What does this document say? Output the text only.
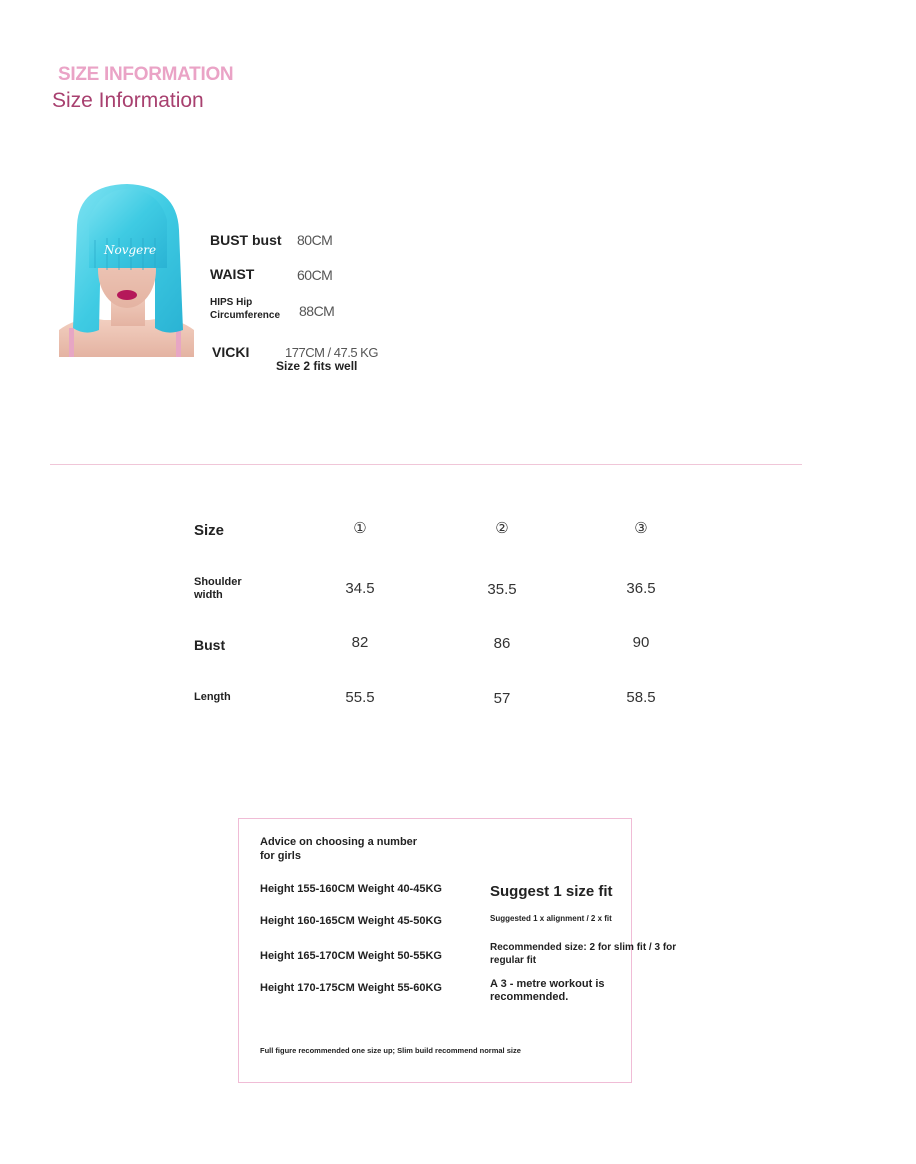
SIZE INFORMATION
Size Information
Novgere
BUST bust 80CM
WAIST	60CM
HIPS Hip Circumference	88CM
VICKI	177CM / 47.5 KG
Size 2 fits well
Size	①	②	③
Shoulder width	34.5	35.5	36.5
Bust	82	86	90
Length	55.5	57	58.5
Advice on choosing a number for girls
Height 155-160CM Weight 40-45KG
Height 160-165CM Weight 45-50KG
Height 165-170CM Weight 50-55KG
Height 170-175CM Weight 55-60KG
Suggest 1 size fit
Suggested 1 x alignment / 2 x fit
Recommended size: 2 for slim fit / 3 for regular fit
A 3 - metre workout is recommended.
Full figure recommended one size up; Slim build recommend normal size
